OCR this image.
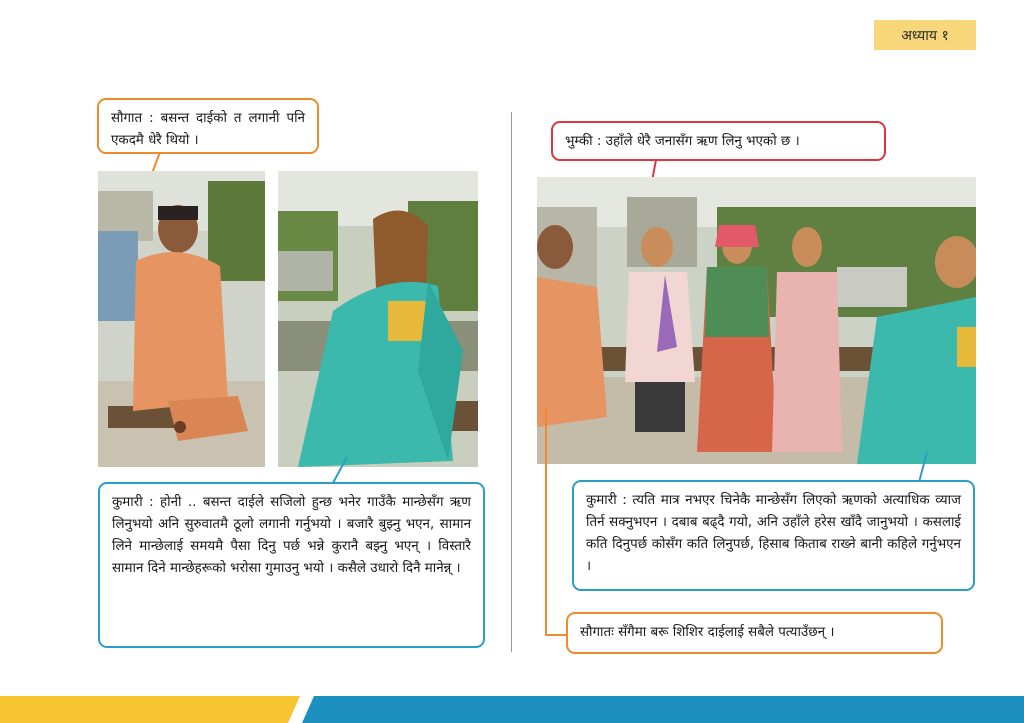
अध्याय १
सौगात : बसन्त दाईको त लगानी पनि एकदमै धेरै थियो ।
कुमारी : होनी .. बसन्त दाईले सजिलो हुन्छ भनेर गाउँकै मान्छेसँग ऋण लिनुभयो अनि सुरुवातमै ठूलो लगानी गर्नुभयो । बजारै बुझ्नु भएन, सामान लिने मान्छेलाई समयमै पैसा दिनु पर्छ भन्ने कुरानै बझ्नु भएन् । विस्तारै सामान दिने मान्छेहरूको भरोसा गुमाउनु भयो । कसैले उधारो दिनै मानेन्न् ।
भुम्की : उहाँले धेरै जनासँग ऋण लिनु भएको छ ।
कुमारी : त्यति मात्र नभएर चिनेकै मान्छेसँग लिएको ऋणको अत्याधिक व्याज तिर्न सक्नुभएन । दबाब बढ्दै गयो, अनि उहाँले हरेस खाँदै जानुभयो । कसलाई कति दिनुपर्छ कोसँग कति लिनुपर्छ, हिसाब किताब राख्ने बानी कहिले गर्नुभएन ।
सौगातः सँगैमा बरू शिशिर दाईलाई सबैले पत्याउँछन् ।
